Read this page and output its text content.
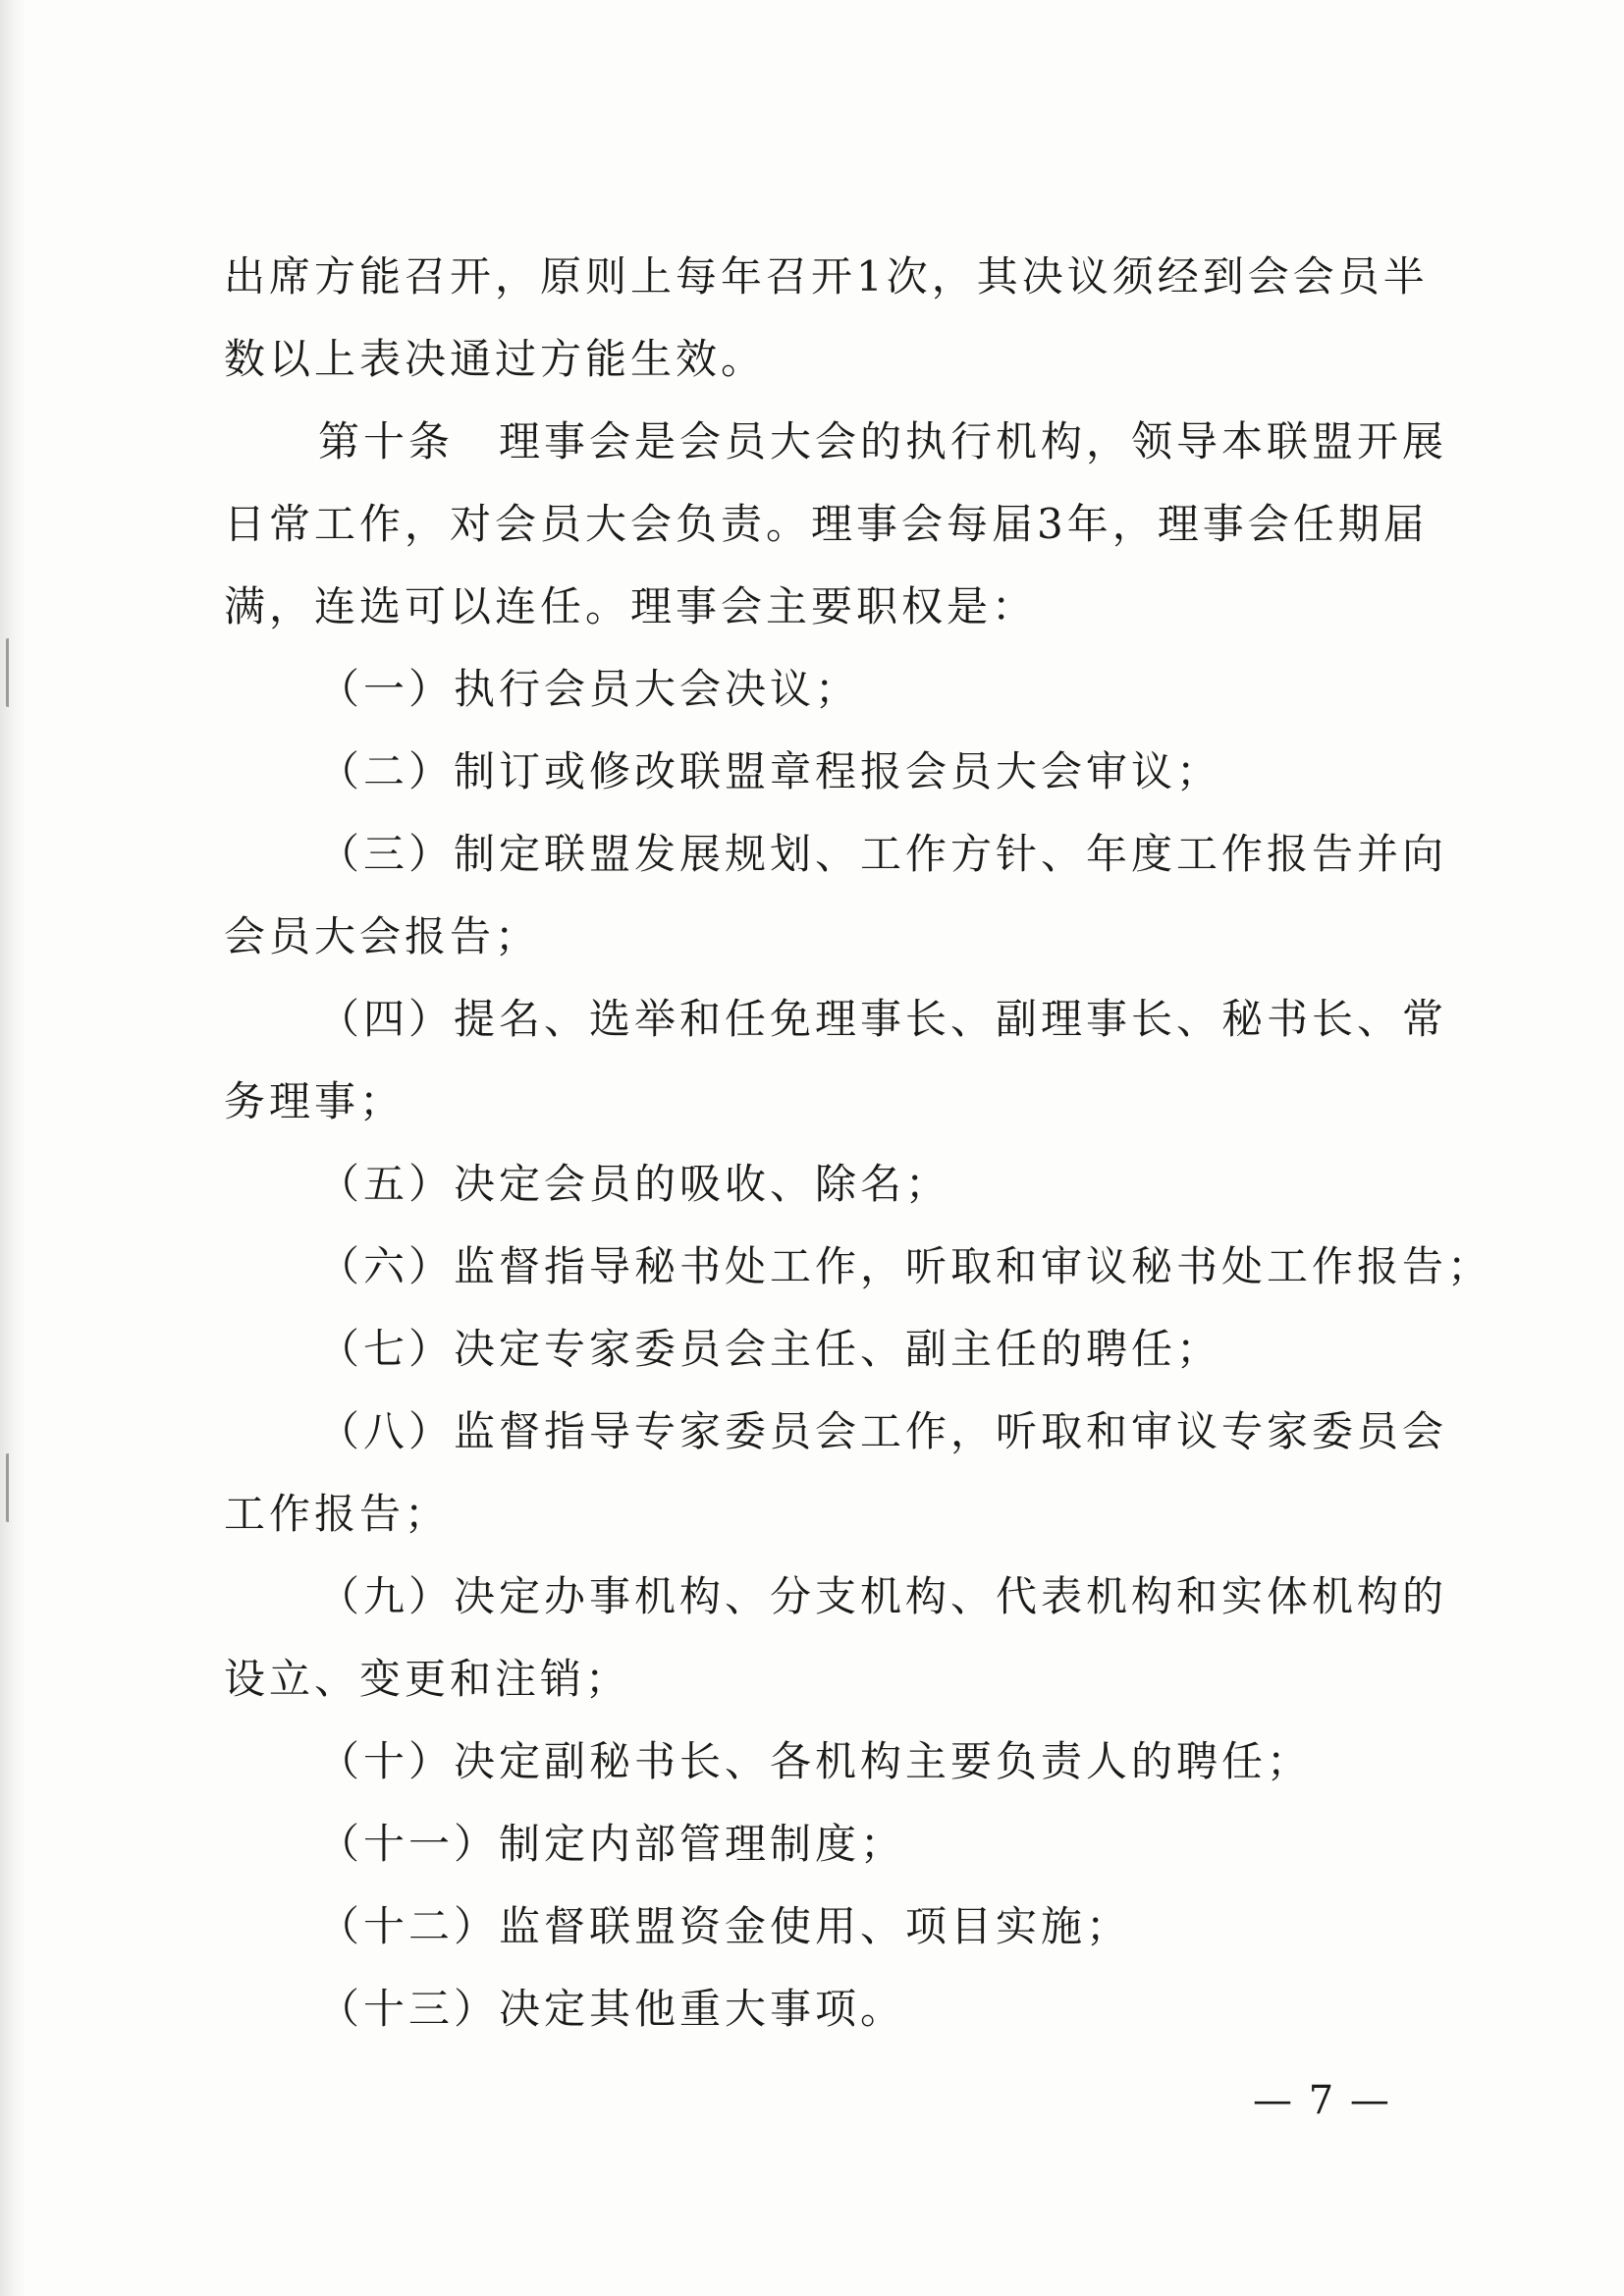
出席方能召开，原则上每年召开1次，其决议须经到会会员半
数以上表决通过方能生效。
第十条　理事会是会员大会的执行机构，领导本联盟开展
日常工作，对会员大会负责。理事会每届3年，理事会任期届
满，连选可以连任。理事会主要职权是：
（一）执行会员大会决议；
（二）制订或修改联盟章程报会员大会审议；
（三）制定联盟发展规划、工作方针、年度工作报告并向
会员大会报告；
（四）提名、选举和任免理事长、副理事长、秘书长、常
务理事；
（五）决定会员的吸收、除名；
（六）监督指导秘书处工作，听取和审议秘书处工作报告；
（七）决定专家委员会主任、副主任的聘任；
（八）监督指导专家委员会工作，听取和审议专家委员会
工作报告；
（九）决定办事机构、分支机构、代表机构和实体机构的
设立、变更和注销；
（十）决定副秘书长、各机构主要负责人的聘任；
（十一）制定内部管理制度；
（十二）监督联盟资金使用、项目实施；
（十三）决定其他重大事项。
— 7 —
